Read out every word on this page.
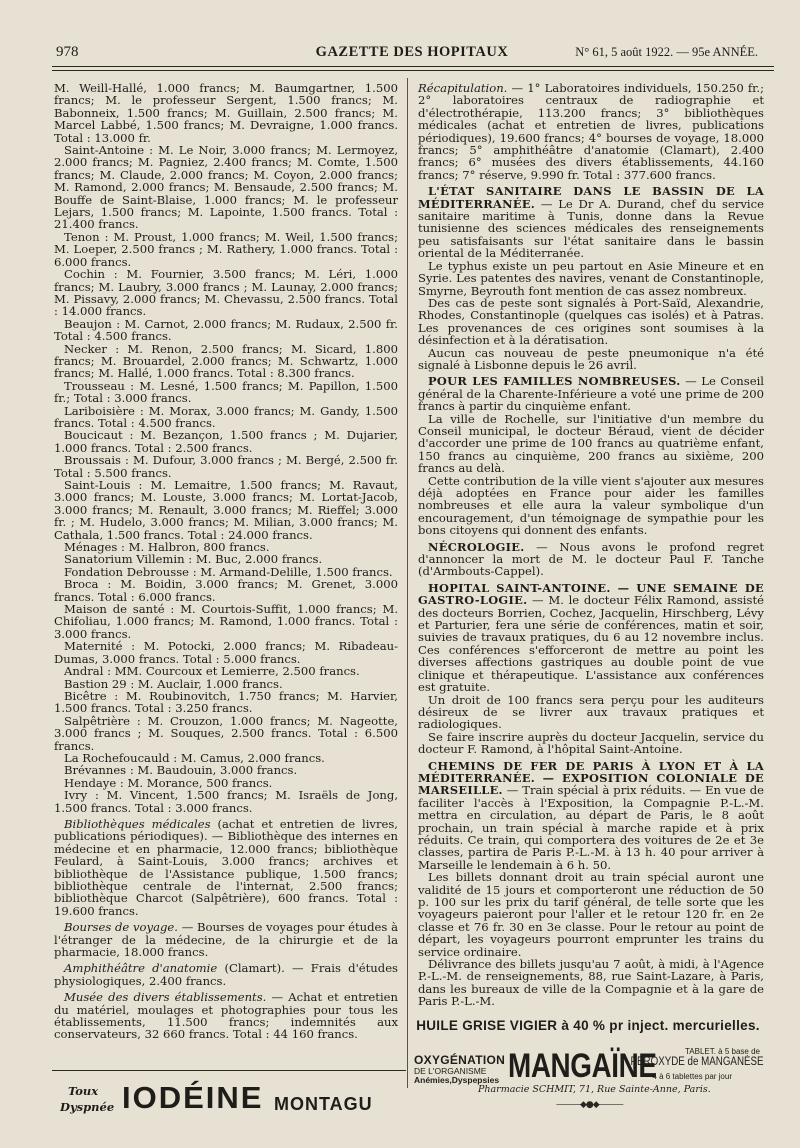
978	GAZETTE DES HOPITAUX	N° 61, 5 août 1922. — 95e ANNÉE.

M. Weill-Hallé, 1.000 francs; M. Baumgartner, 1.500 francs; M. le professeur Sergent, 1.500 francs; M. Babonneix, 1.500 francs; M. Guillain, 2.500 francs; M. Marcel Labbé, 1.500 francs; M. Devraigne, 1.000 francs. Total : 13.000 fr.

Saint-Antoine : M. Le Noir, 3.000 francs; M. Lermoyez, 2.000 francs; M. Pagniez, 2.400 francs; M. Comte, 1.500 francs; M. Claude, 2.000 francs; M. Coyon, 2.000 francs; M. Ramond, 2.000 francs; M. Bensaude, 2.500 francs; M. Bouffe de Saint-Blaise, 1.000 francs; M. le professeur Lejars, 1.500 francs; M. Lapointe, 1.500 francs. Total : 21.400 francs.

Tenon : M. Proust, 1.000 francs; M. Weil, 1.500 francs; M. Loeper, 2.500 francs ; M. Rathery, 1.000 francs. Total : 6.000 francs.

Cochin : M. Fournier, 3.500 francs; M. Léri, 1.000 francs; M. Laubry, 3.000 francs ; M. Launay, 2.000 francs; M. Pissavy, 2.000 francs; M. Chevassu, 2.500 francs. Total : 14.000 francs.

Beaujon : M. Carnot, 2.000 francs; M. Rudaux, 2.500 fr. Total : 4.500 francs.

Necker : M. Renon, 2.500 francs; M. Sicard, 1.800 francs; M. Brouardel, 2.000 francs; M. Schwartz, 1.000 francs; M. Hallé, 1.000 francs. Total : 8.300 francs.

Trousseau : M. Lesné, 1.500 francs; M. Papillon, 1.500 fr.; Total : 3.000 francs.

Lariboisière : M. Morax, 3.000 francs; M. Gandy, 1.500 francs. Total : 4.500 francs.

Boucicaut : M. Bezançon, 1.500 francs ; M. Dujarier, 1.000 francs. Total : 2.500 francs.

Broussais : M. Dufour, 3.000 francs ; M. Bergé, 2.500 fr. Total : 5.500 francs.

Saint-Louis : M. Lemaitre, 1.500 francs; M. Ravaut, 3.000 francs; M. Louste, 3.000 francs; M. Lortat-Jacob, 3.000 francs; M. Renault, 3.000 francs; M. Rieffel; 3.000 fr. ; M. Hudelo, 3.000 francs; M. Milian, 3.000 francs; M. Cathala, 1.500 francs. Total : 24.000 francs.

Ménages : M. Halbron, 800 francs.

Sanatorium Villemin : M. Buc, 2.000 francs.

Fondation Debrousse : M. Armand-Delille, 1.500 francs.

Broca : M. Boidin, 3.000 francs; M. Grenet, 3.000 francs. Total : 6.000 francs.

Maison de santé : M. Courtois-Suffit, 1.000 francs; M. Chifoliau, 1.000 francs; M. Ramond, 1.000 francs. Total : 3.000 francs.

Maternité : M. Potocki, 2.000 francs; M. Ribadeau-Dumas, 3.000 francs. Total : 5.000 francs.

Andral : MM. Courcoux et Lemierre, 2.500 francs.

Bastion 29 : M. Auclair, 1.000 francs.

Bicêtre : M. Roubinovitch, 1.750 francs; M. Harvier, 1.500 francs. Total : 3.250 francs.

Salpêtrière : M. Crouzon, 1.000 francs; M. Nageotte, 3.000 francs ; M. Souques, 2.500 francs. Total : 6.500 francs.

La Rochefoucauld : M. Camus, 2.000 francs.

Brévannes : M. Baudouin, 3.000 francs.

Hendaye : M. Morance, 500 francs.

Ivry : M. Vincent, 1.500 francs; M. Israëls de Jong, 1.500 francs. Total : 3.000 francs.

Bibliothèques médicales (achat et entretien de livres, publications périodiques). — Bibliothèque des internes en médecine et en pharmacie, 12.000 francs; bibliothèque Feulard, à Saint-Louis, 3.000 francs; archives et bibliothèque de l'Assistance publique, 1.500 francs; bibliothèque centrale de l'internat, 2.500 francs; bibliothèque Charcot (Salpêtrière), 600 francs. Total : 19.600 francs.

Bourses de voyage. — Bourses de voyages pour études à l'étranger de la médecine, de la chirurgie et de la pharmacie, 18.000 francs.

Amphithéâtre d'anatomie (Clamart). — Frais d'études physiologiques, 2.400 francs.

Musée des divers établissements. — Achat et entretien du matériel, moulages et photographies pour tous les établissements, 11.500 francs; indemnités aux conservateurs, 32 660 francs. Total : 44 160 francs.

Récapitulation. — 1° Laboratoires individuels, 150.250 fr.; 2° laboratoires centraux de radiographie et d'électrothérapie, 113.200 francs; 3° bibliothèques médicales (achat et entretien de livres, publications périodiques), 19.600 francs; 4° bourses de voyage, 18.000 francs; 5° amphithéâtre d'anatomie (Clamart), 2.400 francs; 6° musées des divers établissements, 44.160 francs; 7° réserve, 9.990 fr. Total : 377.600 francs.

L'ÉTAT SANITAIRE DANS LE BASSIN DE LA MÉDITERRANÉE. — Le Dr A. Durand, chef du service sanitaire maritime à Tunis, donne dans la Revue tunisienne des sciences médicales des renseignements peu satisfaisants sur l'état sanitaire dans le bassin oriental de la Méditerranée.

Le typhus existe un peu partout en Asie Mineure et en Syrie. Les patentes des navires, venant de Constantinople, Smyrne, Beyrouth font mention de cas assez nombreux.

Des cas de peste sont signalés à Port-Saïd, Alexandrie, Rhodes, Constantinople (quelques cas isolés) et à Patras. Les provenances de ces origines sont soumises à la désinfection et à la dératisation.

Aucun cas nouveau de peste pneumonique n'a été signalé à Lisbonne depuis le 26 avril.

POUR LES FAMILLES NOMBREUSES. — Le Conseil général de la Charente-Inférieure a voté une prime de 200 francs à partir du cinquième enfant.

La ville de Rochelle, sur l'initiative d'un membre du Conseil municipal, le docteur Béraud, vient de décider d'accorder une prime de 100 francs au quatrième enfant, 150 francs au cinquième, 200 francs au sixième, 200 francs au delà.

Cette contribution de la ville vient s'ajouter aux mesures déjà adoptées en France pour aider les familles nombreuses et elle aura la valeur symbolique d'un encouragement, d'un témoignage de sympathie pour les bons citoyens qui donnent des enfants.

NÉCROLOGIE. — Nous avons le profond regret d'annoncer la mort de M. le docteur Paul F. Tanche (d'Armbouts-Cappel).

HOPITAL SAINT-ANTOINE. — UNE SEMAINE DE GASTRO-LOGIE. — M. le docteur Félix Ramond, assisté des docteurs Borrien, Cochez, Jacquelin, Hirschberg, Lévy et Parturier, fera une série de conférences, matin et soir, suivies de travaux pratiques, du 6 au 12 novembre inclus. Ces conférences s'efforceront de mettre au point les diverses affections gastriques au double point de vue clinique et thérapeutique. L'assistance aux conférences est gratuite.

Un droit de 100 francs sera perçu pour les auditeurs désireux de se livrer aux travaux pratiques et radiologiques.

Se faire inscrire auprès du docteur Jacquelin, service du docteur F. Ramond, à l'hôpital Saint-Antoine.

CHEMINS DE FER DE PARIS À LYON ET À LA MÉDITERRANÉE. — EXPOSITION COLONIALE DE MARSEILLE. — Train spécial à prix réduits. — En vue de faciliter l'accès à l'Exposition, la Compagnie P.-L.-M. mettra en circulation, au départ de Paris, le 8 août prochain, un train spécial à marche rapide et à prix réduits. Ce train, qui comportera des voitures de 2e et 3e classes, partira de Paris P.-L.-M. à 13 h. 40 pour arriver à Marseille le lendemain à 6 h. 50.

Les billets donnant droit au train spécial auront une validité de 15 jours et comporteront une réduction de 50 p. 100 sur les prix du tarif général, de telle sorte que les voyageurs paieront pour l'aller et le retour 120 fr. en 2e classe et 76 fr. 30 en 3e classe. Pour le retour au point de départ, les voyageurs pourront emprunter les trains du service ordinaire.

Délivrance des billets jusqu'au 7 août, à midi, à l'Agence P.-L.-M. de renseignements, 88, rue Saint-Lazare, à Paris, dans les bureaux de ville de la Compagnie et à la gare de Paris P.-L.-M.

Toux
Dyspnée IODÉINE MONTAGU
HUILE GRISE VIGIER à 40 % pr inject. mercurielles.
OXYGÉNATION
DE L'ORGANISME
Anémies,Dyspepsies MANGAÏNE	TABLET. à 5 base de
PEROXYDE de MANGANÈSE
4 à 6 tablettes par jour
Pharmacie SCHMIT, 71, Rue Sainte-Anne, Paris.
———◆●◆———
